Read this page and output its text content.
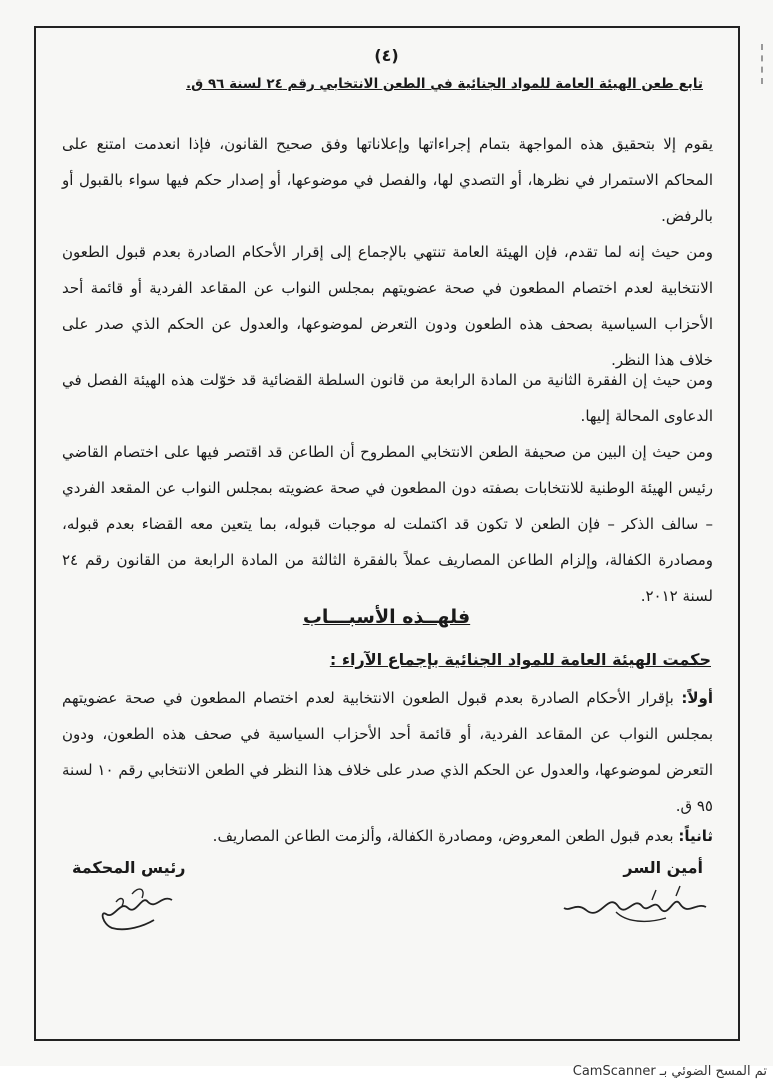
(٤)
تابع طعن الهيئة العامة للمواد الجنائية في الطعن الانتخابي رقم ٢٤ لسنة ٩٦ ق.
يقوم إلا بتحقيق هذه المواجهة بتمام إجراءاتها وإعلاناتها وفق صحيح القانون، فإذا انعدمت امتنع على المحاكم الاستمرار في نظرها، أو التصدي لها، والفصل في موضوعها، أو إصدار حكم فيها سواء بالقبول أو بالرفض.
ومن حيث إنه لما تقدم، فإن الهيئة العامة تنتهي بالإجماع إلى إقرار الأحكام الصادرة بعدم قبول الطعون الانتخابية لعدم اختصام المطعون في صحة عضويتهم بمجلس النواب عن المقاعد الفردية أو قائمة أحد الأحزاب السياسية بصحف هذه الطعون ودون التعرض لموضوعها، والعدول عن الحكم الذي صدر على خلاف هذا النظر.
ومن حيث إن الفقرة الثانية من المادة الرابعة من قانون السلطة القضائية قد خوّلت هذه الهيئة الفصل في الدعاوى المحالة إليها.
ومن حيث إن البين من صحيفة الطعن الانتخابي المطروح أن الطاعن قد اقتصر فيها على اختصام القاضي رئيس الهيئة الوطنية للانتخابات بصفته دون المطعون في صحة عضويته بمجلس النواب عن المقعد الفردي – سالف الذكر – فإن الطعن لا تكون قد اكتملت له موجبات قبوله، بما يتعين معه القضاء بعدم قبوله، ومصادرة الكفالة، وإلزام الطاعن المصاريف عملاً بالفقرة الثالثة من المادة الرابعة من القانون رقم ٢٤ لسنة ٢٠١٢.
فلهــذه الأسبـــاب
حكمت الهيئة العامة للمواد الجنائية بإجماع الآراء :
أولاً: بإقرار الأحكام الصادرة بعدم قبول الطعون الانتخابية لعدم اختصام المطعون في صحة عضويتهم بمجلس النواب عن المقاعد الفردية، أو قائمة أحد الأحزاب السياسية في صحف هذه الطعون، ودون التعرض لموضوعها، والعدول عن الحكم الذي صدر على خلاف هذا النظر في الطعن الانتخابي رقم ١٠ لسنة ٩٥ ق.
ثانياً: بعدم قبول الطعن المعروض، ومصادرة الكفالة، وألزمت الطاعن المصاريف.
أمين السر
رئيس المحكمة
تم المسح الضوئي بـ CamScanner
